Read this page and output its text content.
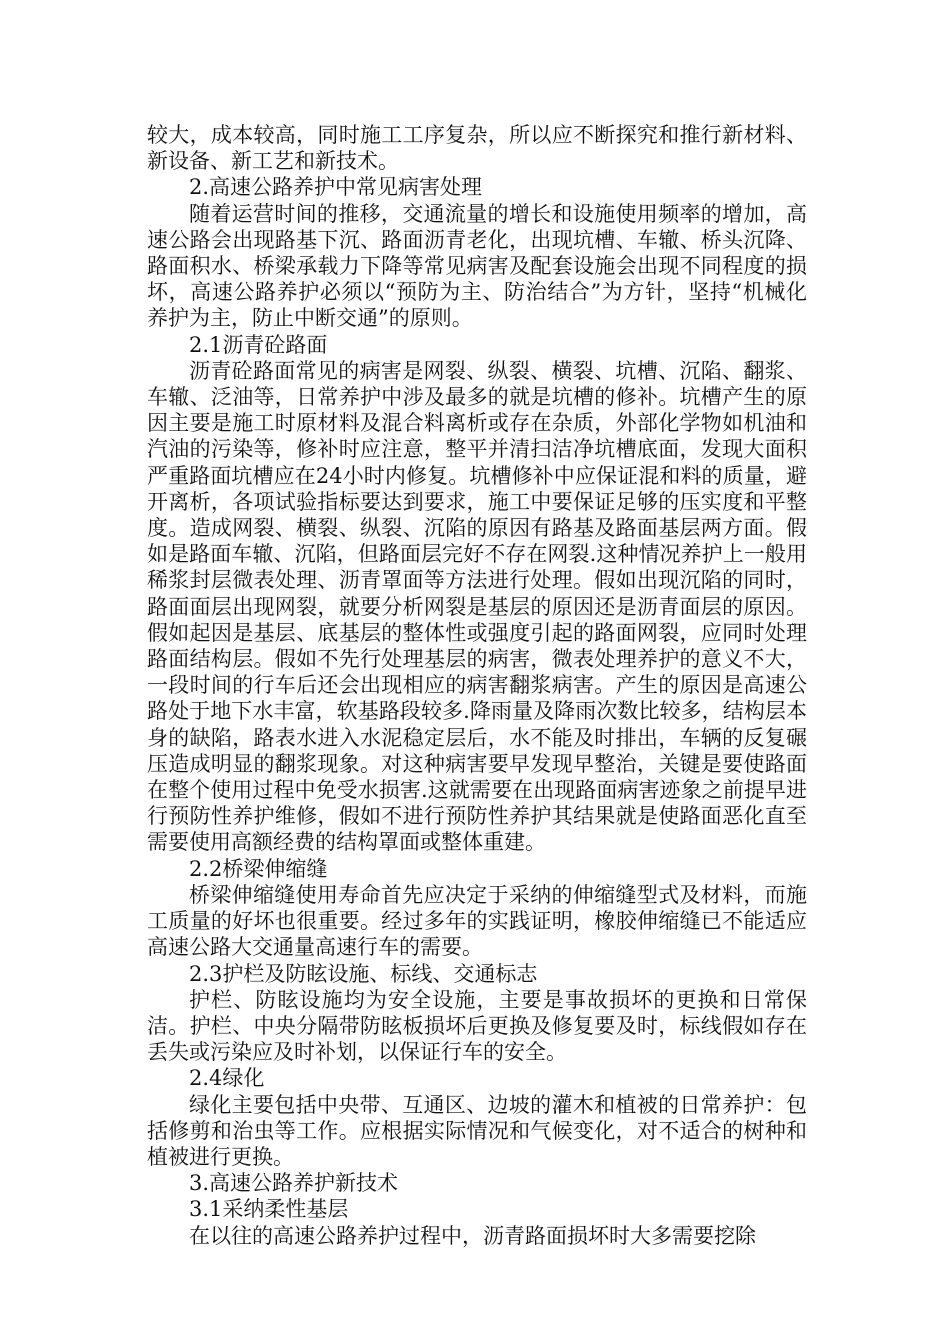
较大，成本较高，同时施工工序复杂，所以应不断探究和推行新材料、新设备、新工艺和新技术。

2.高速公路养护中常见病害处理

随着运营时间的推移，交通流量的增长和设施使用频率的增加，高速公路会出现路基下沉、路面沥青老化，出现坑槽、车辙、桥头沉降、路面积水、桥梁承载力下降等常见病害及配套设施会出现不同程度的损坏，高速公路养护必须以“预防为主、防治结合”为方针，坚持“机械化养护为主，防止中断交通”的原则。

2.1沥青砼路面

沥青砼路面常见的病害是网裂、纵裂、横裂、坑槽、沉陷、翻浆、车辙、泛油等，日常养护中涉及最多的就是坑槽的修补。坑槽产生的原因主要是施工时原材料及混合料离析或存在杂质，外部化学物如机油和汽油的污染等，修补时应注意，整平并清扫洁净坑槽底面，发现大面积严重路面坑槽应在24小时内修复。坑槽修补中应保证混和料的质量，避开离析，各项试验指标要达到要求，施工中要保证足够的压实度和平整度。造成网裂、横裂、纵裂、沉陷的原因有路基及路面基层两方面。假如是路面车辙、沉陷，但路面层完好不存在网裂.这种情况养护上一般用稀浆封层微表处理、沥青罩面等方法进行处理。假如出现沉陷的同时，路面面层出现网裂，就要分析网裂是基层的原因还是沥青面层的原因。假如起因是基层、底基层的整体性或强度引起的路面网裂，应同时处理路面结构层。假如不先行处理基层的病害，微表处理养护的意义不大，一段时间的行车后还会出现相应的病害翻浆病害。产生的原因是高速公路处于地下水丰富，软基路段较多.降雨量及降雨次数比较多，结构层本身的缺陷，路表水进入水泥稳定层后，水不能及时排出，车辆的反复碾压造成明显的翻浆现象。对这种病害要早发现早整治，关键是要使路面在整个使用过程中免受水损害.这就需要在出现路面病害迹象之前提早进行预防性养护维修，假如不进行预防性养护其结果就是使路面恶化直至需要使用高额经费的结构罩面或整体重建。

2.2桥梁伸缩缝

桥梁伸缩缝使用寿命首先应决定于采纳的伸缩缝型式及材料，而施工质量的好坏也很重要。经过多年的实践证明，橡胶伸缩缝已不能适应高速公路大交通量高速行车的需要。

2.3护栏及防眩设施、标线、交通标志

护栏、防眩设施均为安全设施，主要是事故损坏的更换和日常保洁。护栏、中央分隔带防眩板损坏后更换及修复要及时，标线假如存在丢失或污染应及时补划，以保证行车的安全。

2.4绿化

绿化主要包括中央带、互通区、边坡的灌木和植被的日常养护：包括修剪和治虫等工作。应根据实际情况和气候变化，对不适合的树种和植被进行更换。

3.高速公路养护新技术

3.1采纳柔性基层

在以往的高速公路养护过程中，沥青路面损坏时大多需要挖除
